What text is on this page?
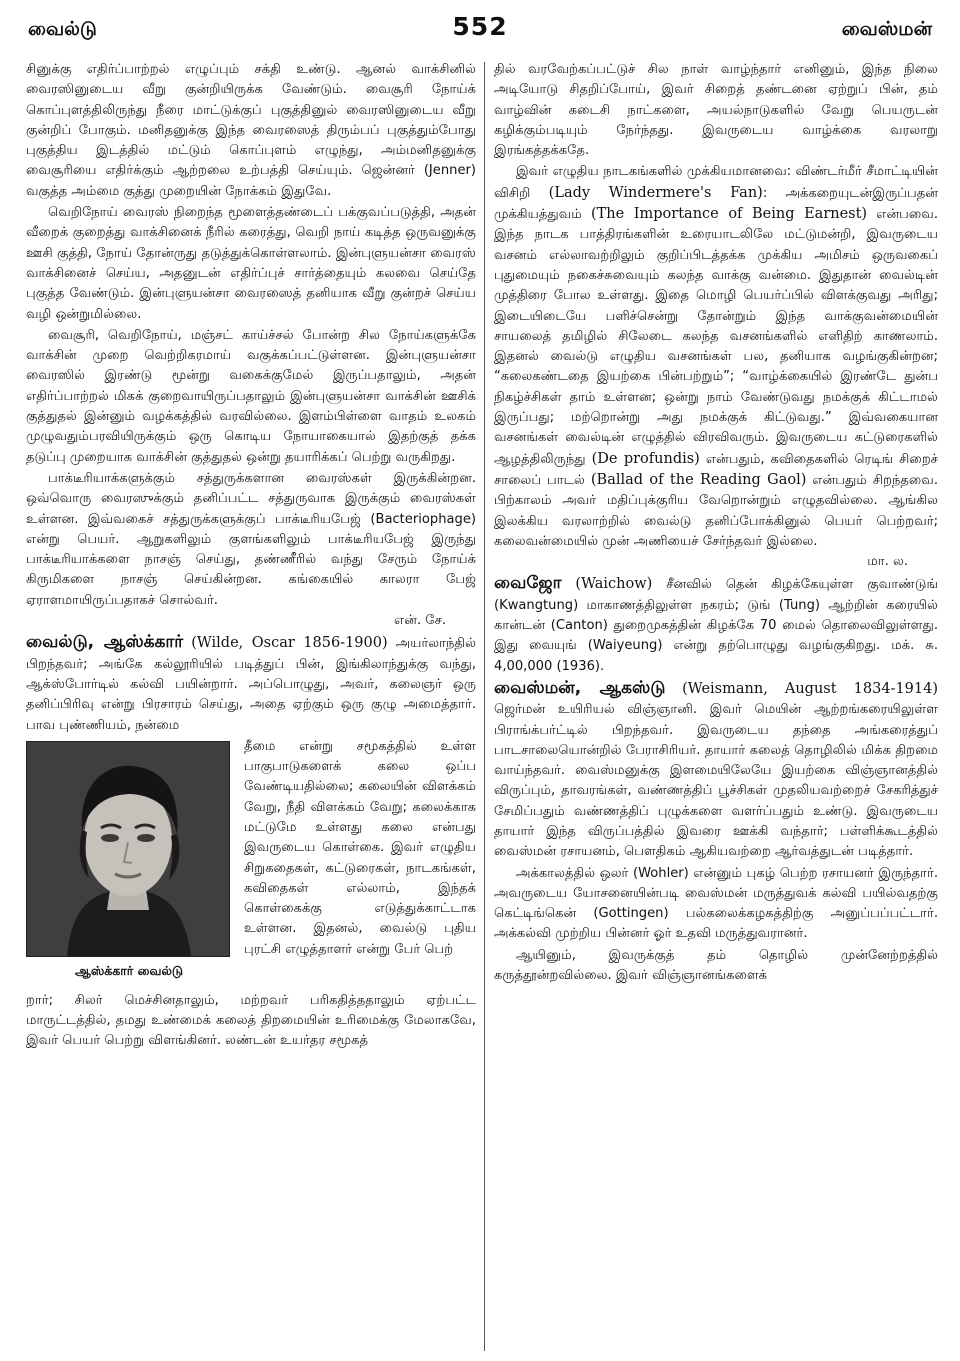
வைல்டு	552	வைஸ்மன்

சினுக்கு எதிர்ப்பாற்றல் எழுப்பும் சக்தி உண்டு. ஆனல் வாக்சினில் வைரஸினுடைய வீறு குன்றியிருக்க வேண்டும். வைசூரி நோய்க் கொப்புளத்திலிருந்து நீரை மாட்டுக்குப் புகுத்தினுல் வைரஸினுடைய வீறு குன்றிப் போகும். மனிதனுக்கு இந்த வைரஸைத் திரும்பப் புகுத்தும்போது புகுத்திய இடத்தில் மட்டும் கொப்புளம் எழுந்து, அம்மனிதனுக்கு வைசூரியை எதிர்க்கும் ஆற்றலை உற்பத்தி செய்யும். ஜென்னர் (Jenner) வகுத்த அம்மை குத்து முறையின் நோக்கம் இதுவே.

வெறிநோய் வைரஸ் நிறைந்த மூளைத்தண்டைப் பக்குவப்படுத்தி, அதன் வீறைக் குறைத்து வாக்சினைக் நீரில் கரைத்து, வெறி நாய் கடித்த ஒருவனுக்கு ஊசி குத்தி, நோய் தோன்ருது தடுத்துக்கொள்ளலாம். இன்புளுயன்சா வைரஸ் வாக்சினைச் செய்ய, அதனுடன் எதிர்ப்புச் சார்த்தையும் கலவை செய்தே புகுத்த வேண்டும். இன்புளுயன்சா வைரஸைத் தனியாக வீறு குன்றச் செய்ய வழி ஒன்றுமில்லை.

வைசூரி, வெறிநோய், மஞ்சட் காய்ச்சல் போன்ற சில நோய்களுக்கே வாக்சின் முறை வெற்றிகரமாய் வகுக்கப்பட்டுள்ளன. இன்புளுயன்சா வைரஸில் இரண்டு மூன்று வகைக்குமேல் இருப்பதாலும், அதன் எதிர்ப்பாற்றல் மிகக் குறைவாயிருப்பதாலும் இன்புளுயன்சா வாக்சின் ஊசிக் குத்துதல் இன்னும் வழக்கத்தில் வரவில்லை. இளம்பிள்ளை வாதம் உலகம் முழுவதும்பரவியிருக்கும் ஒரு கொடிய நோயாகையால் இதற்குத் தக்க தடுப்பு முறையாக வாக்சின் குத்துதல் ஒன்று தயாரிக்கப் பெற்று வருகிறது.

பாக்டீரியாக்களுக்கும் சத்துருக்களான வைரஸ்கள் இருக்கின்றன. ஒவ்வொரு வைரஸுக்கும் தனிப்பட்ட சத்துருவாக இருக்கும் வைரஸ்கள் உள்ளன. இவ்வகைச் சத்துருக்களுக்குப் பாக்டீரியபேஜ் (Bacteriophage) என்று பெயர். ஆறுகளிலும் குளங்களிலும் பாக்டீரியபேஜ் இருந்து பாக்டீரியாக்களை நாசஞ் செய்து, தண்ணீரில் வந்து சேரும் நோய்க் கிருமிகளை நாசஞ் செய்கின்றன. கங்கையில் காலரா பேஜ் ஏராளமாயிருப்பதாகச் சொல்வர்.
என். சே.

வைல்டு, ஆஸ்க்கார் (Wilde, Oscar 1856-1900) அயர்லாந்தில் பிறந்தவர்; அங்கே கல்லூரியில் படித்துப் பின், இங்கிலாந்துக்கு வந்து, ஆக்ஸ்போர்டில் கல்வி பயின்றார். அப்பொழுது, அவர், கலைஞர் ஒரு தனிப்பிரிவு என்று பிரசாரம் செய்து, அதை ஏற்கும் ஒரு குழு அமைத்தார். பாவ புண்ணியம், நன்மை

ஆஸ்க்கார் வைல்டு

தீமை என்று சமூகத்தில் உள்ள பாகுபாடுகளைக் கலை ஒப்ப வேண்டியதில்லை; கலையின் விளக்கம் வேறு, நீதி விளக்கம் வேறு; கலைக்காக மட்டுமே உள்ளது கலை என்பது இவருடைய கொள்கை. இவர் எழுதிய சிறுகதைகள், கட்டுரைகள், நாடகங்கள், கவிதைகள் எல்லாம், இந்தக் கொள்கைக்கு எடுத்துக்காட்டாக உள்ளன. இதனல், வைல்டு புதிய புரட்சி எழுத்தாளர் என்று பேர் பெற்

றார்; சிலர் மெச்சினதாலும், மற்றவர் பரிகதித்ததாலும் ஏற்பட்ட மாருட்டத்தில், தமது உண்மைக் கலைத் திறமையின் உரிமைக்கு மேலாகவே, இவர் பெயர் பெற்று விளங்கினர். லண்டன் உயர்தர சமூகத்

தில் வரவேற்கப்பட்டுச் சில நாள் வாழ்ந்தார் எனினும், இந்த நிலை அடியோடு சிதறிப்போய், இவர் சிறைத் தண்டனை ஏற்றுப் பின், தம் வாழ்வின் கடைசி நாட்களை, அயல்நாடுகளில் வேறு பெயருடன் கழிக்கும்படியும் நேர்ந்தது. இவருடைய வாழ்க்கை வரலாறு இரங்கத்தக்கதே.

இவர் எழுதிய நாடகங்களில் முக்கியமானவை: விண்டர்மீர் சீமாட்டியின் விசிறி (Lady Windermere's Fan): அக்கறையுடன்இருப்பதன் முக்கியத்துவம் (The Importance of Being Earnest) என்பவை. இந்த நாடக பாத்திரங்களின் உரையாடலிலே மட்டுமன்றி, இவருடைய வசனம் எல்லாவற்றிலும் குறிப்பிடத்தக்க முக்கிய அமிசம் ஒருவகைப் புதுமையும் நகைச்சுவையும் கலந்த வாக்கு வன்மை. இதுதான் வைல்டின் முத்திரை போல உள்ளது. இதை மொழி பெயர்ப்பில் விளக்குவது அரிது; இடையிடையே பளிச்சென்று தோன்றும் இந்த வாக்குவன்மையின் சாயலைத் தமிழில் சிலேடை கலந்த வசனங்களில் எளிதிற் காணலாம். இதனல் வைல்டு எழுதிய வசனங்கள் பல, தனியாக வழங்குகின்றன; “கலைகண்டதை இயற்கை பின்பற்றும்”; “வாழ்க்கையில் இரண்டே துன்ப நிகழ்ச்சிகள் தாம் உள்ளன; ஒன்று நாம் வேண்டுவது நமக்குக் கிட்டாமல் இருப்பது; மற்றொன்று அது நமக்குக் கிட்டுவது.” இவ்வகையான வசனங்கள் வைல்டின் எழுத்தில் விரவிவரும். இவருடைய கட்டுரைகளில் ஆழத்திலிருந்து (De profundis) என்பதும், கவிதைகளில் ரெடிங் சிறைச் சாலைப் பாடல் (Ballad of the Reading Gaol) என்பதும் சிறந்தவை. பிற்காலம் அவர் மதிப்புக்குரிய வேறொன்றும் எழுதவில்லை. ஆங்கில இலக்கிய வரலாற்றில் வைல்டு தனிப்போக்கினுல் பெயர் பெற்றவர்; கலைவன்மையில் முன் அணியைச் சேர்ந்தவர் இல்லை.
மா. ல.

வைஜோ (Waichow) சீனவில் தென் கிழக்கேயுள்ள குவாண்டுங் (Kwangtung) மாகாணத்திலுள்ள நகரம்; டுங் (Tung) ஆற்றின் கரையில் கான்டன் (Canton) துறைமுகத்தின் கிழக்கே 70 மைல் தொலைவிலுள்ளது. இது வையுங் (Waiyeung) என்று தற்பொழுது வழங்குகிறது. மக். சு. 4,00,000 (1936).

வைஸ்மன், ஆகஸ்டு (Weismann, August 1834-1914) ஜெர்மன் உயிரியல் விஞ்ஞானி. இவர் மெயின் ஆற்றங்கரையிலுள்ள பிராங்க்பர்ட்டில் பிறந்தவர். இவருடைய தந்தை அங்கரைத்துப் பாடசாலையொன்றில் பேராசிரியர். தாயார் கலைத் தொழிலில் மிக்க திறமை வாய்ந்தவர். வைஸ்மனுக்கு இளமையிலேயே இயற்கை விஞ்ஞானத்தில் விருப்பும், தாவரங்கள், வண்ணத்திப் பூச்சிகள் முதலியவற்றைச் சேகரித்துச் சேமிப்பதும் வண்ணத்திப் புழுக்களை வளர்ப்பதும் உண்டு. இவருடைய தாயார் இந்த விருப்பத்தில் இவரை ஊக்கி வந்தார்; பள்ளிக்கூடத்தில் வைஸ்மன் ரசாயனம், பௌதிகம் ஆகியவற்றை ஆர்வத்துடன் படித்தார்.

அக்காலத்தில் ஒலர் (Wohler) என்னும் புகழ் பெற்ற ரசாயனர் இருந்தார். அவருடைய யோசனையின்படி வைஸ்மன் மருத்துவக் கல்வி பயில்வதற்கு கெட்டிங்கென் (Gottingen) பல்கலைக்கழகத்திற்கு அனுப்பப்பட்டார். அக்கல்வி முற்றிய பின்னர் ஓர் உதவி மருத்துவரானர்.

ஆயினும், இவருக்குத் தம் தொழில் முன்னேற்றத்தில் கருத்தூன்றவில்லை. இவர் விஞ்ஞானங்களைக்
